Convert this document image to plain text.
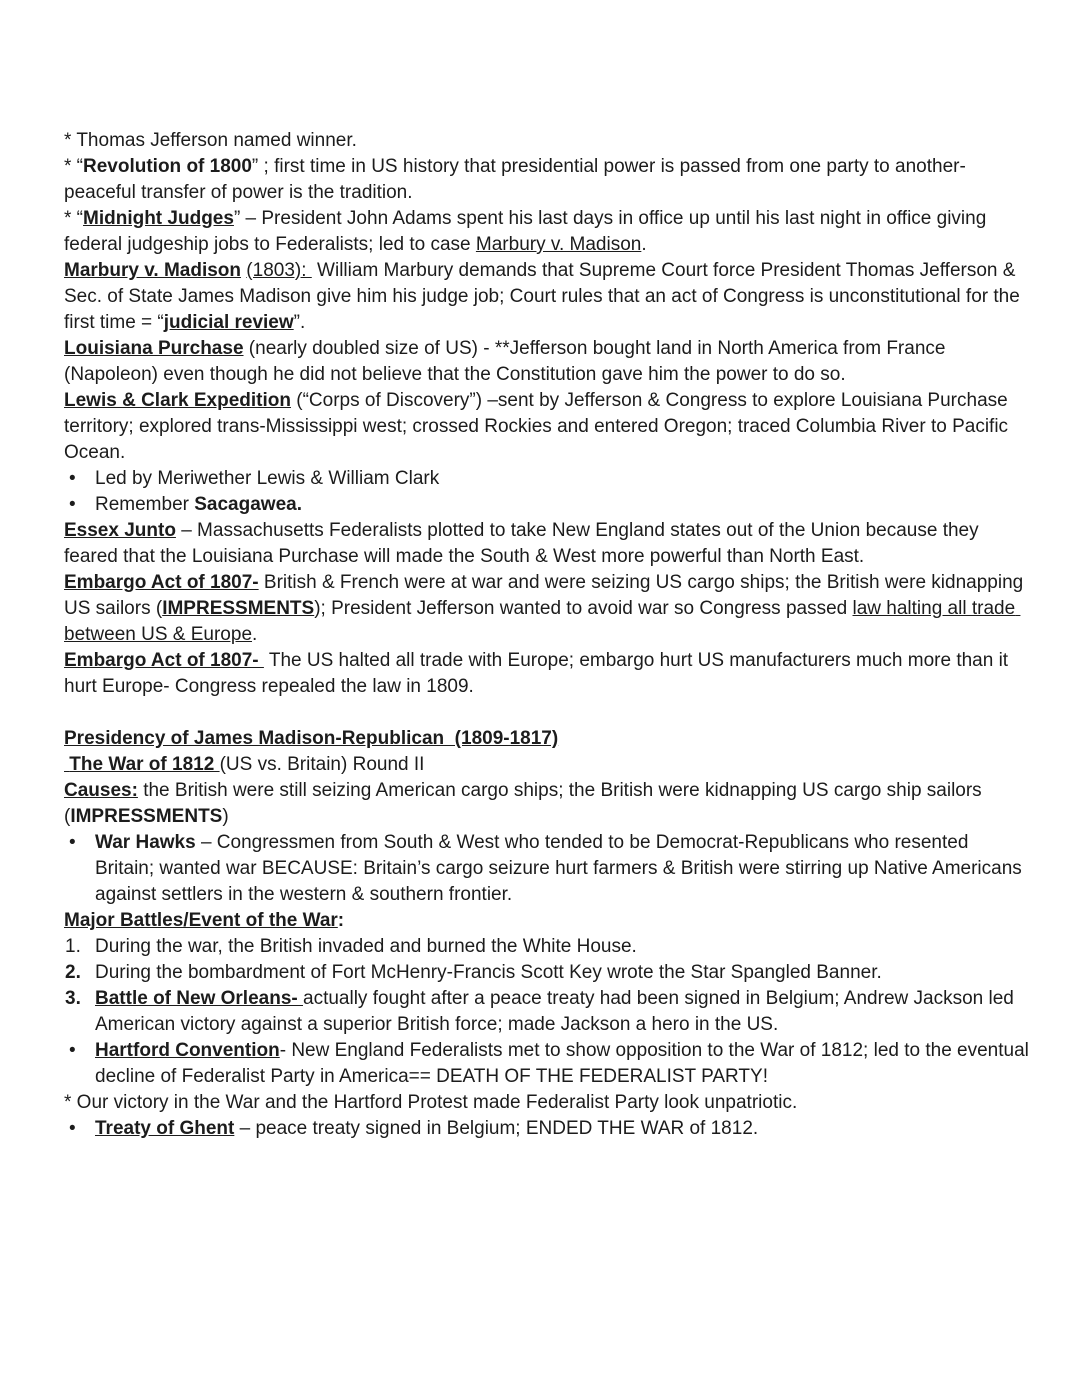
* Thomas Jefferson named winner.
* “Revolution of 1800” ; first time in US history that presidential power is passed from one party to another- peaceful transfer of power is the tradition.
* “Midnight Judges” – President John Adams spent his last days in office up until his last night in office giving federal judgeship jobs to Federalists; led to case Marbury v. Madison.
Marbury v. Madison (1803):  William Marbury demands that Supreme Court force President Thomas Jefferson & Sec. of State James Madison give him his judge job; Court rules that an act of Congress is unconstitutional for the first time = “judicial review”.
Louisiana Purchase (nearly doubled size of US) - **Jefferson bought land in North America from France (Napoleon) even though he did not believe that the Constitution gave him the power to do so.
Lewis & Clark Expedition (“Corps of Discovery”) –sent by Jefferson & Congress to explore Louisiana Purchase territory; explored trans-Mississippi west; crossed Rockies and entered Oregon; traced Columbia River to Pacific Ocean.
•	Led by Meriwether Lewis & William Clark
•	Remember Sacagawea.
Essex Junto – Massachusetts Federalists plotted to take New England states out of the Union because they feared that the Louisiana Purchase will made the South & West more powerful than North East.
Embargo Act of 1807- British & French were at war and were seizing US cargo ships; the British were kidnapping US sailors (IMPRESSMENTS); President Jefferson wanted to avoid war so Congress passed law halting all trade between US & Europe.
Embargo Act of 1807-  The US halted all trade with Europe; embargo hurt US manufacturers much more than it hurt Europe- Congress repealed the law in 1809.
Presidency of James Madison-Republican  (1809-1817)
The War of 1812 (US vs. Britain) Round II
Causes: the British were still seizing American cargo ships; the British were kidnapping US cargo ship sailors (IMPRESSMENTS)
•	War Hawks – Congressmen from South & West who tended to be Democrat-Republicans who resented Britain; wanted war BECAUSE: Britain’s cargo seizure hurt farmers & British were stirring up Native Americans against settlers in the western & southern frontier.
Major Battles/Event of the War:
1. During the war, the British invaded and burned the White House.
2. During the bombardment of Fort McHenry-Francis Scott Key wrote the Star Spangled Banner.
3. Battle of New Orleans- actually fought after a peace treaty had been signed in Belgium; Andrew Jackson led American victory against a superior British force; made Jackson a hero in the US.
•	Hartford Convention- New England Federalists met to show opposition to the War of 1812; led to the eventual decline of Federalist Party in America== DEATH OF THE FEDERALIST PARTY!
* Our victory in the War and the Hartford Protest made Federalist Party look unpatriotic.
•	Treaty of Ghent – peace treaty signed in Belgium; ENDED THE WAR of 1812.
